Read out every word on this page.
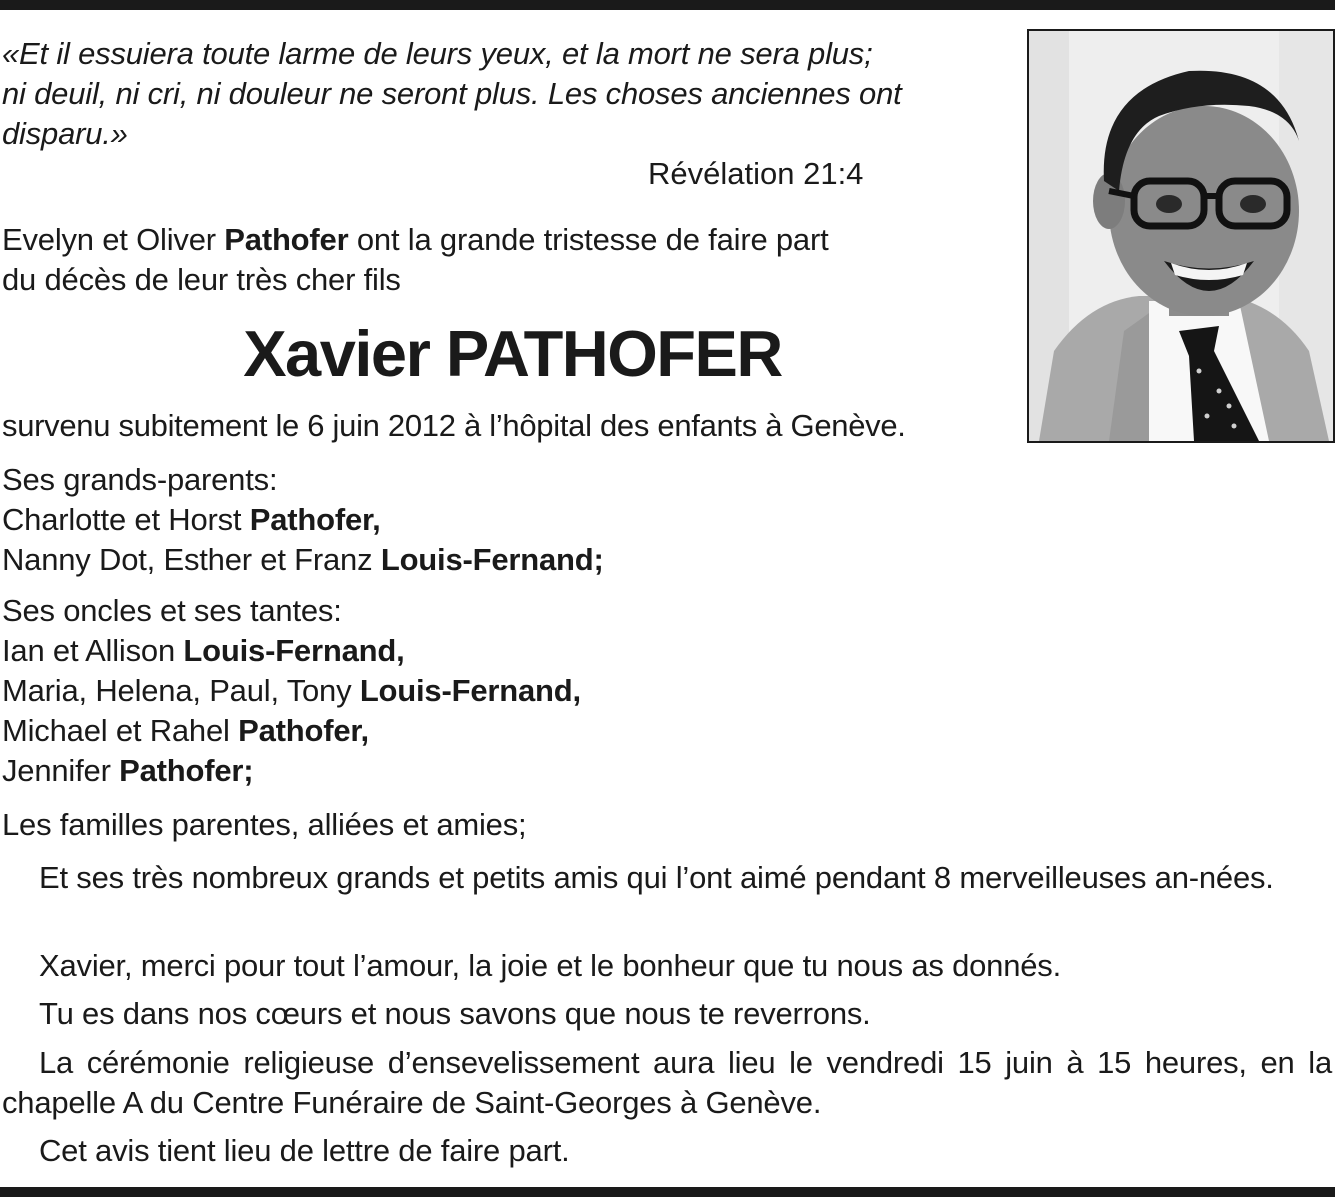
«Et il essuiera toute larme de leurs yeux, et la mort ne sera plus;
ni deuil, ni cri, ni douleur ne seront plus. Les choses anciennes ont
disparu.»
Révélation 21:4
Evelyn et Oliver Pathofer ont la grande tristesse de faire part
du décès de leur très cher fils
Xavier PATHOFER
survenu subitement le 6 juin 2012 à l’hôpital des enfants à Genève.
Ses grands-parents:
Charlotte et Horst Pathofer,
Nanny Dot, Esther et Franz Louis-Fernand;
Ses oncles et ses tantes:
Ian et Allison Louis-Fernand,
Maria, Helena, Paul, Tony Louis-Fernand,
Michael et Rahel Pathofer,
Jennifer Pathofer;
Les familles parentes, alliées et amies;
Et ses très nombreux grands et petits amis qui l’ont aimé pendant 8 merveilleuses an-nées.
Xavier, merci pour tout l’amour, la joie et le bonheur que tu nous as donnés.
Tu es dans nos cœurs et nous savons que nous te reverrons.
La cérémonie religieuse d’ensevelissement aura lieu le vendredi 15 juin à 15 heures, en la chapelle A du Centre Funéraire de Saint-Georges à Genève.
Cet avis tient lieu de lettre de faire part.
